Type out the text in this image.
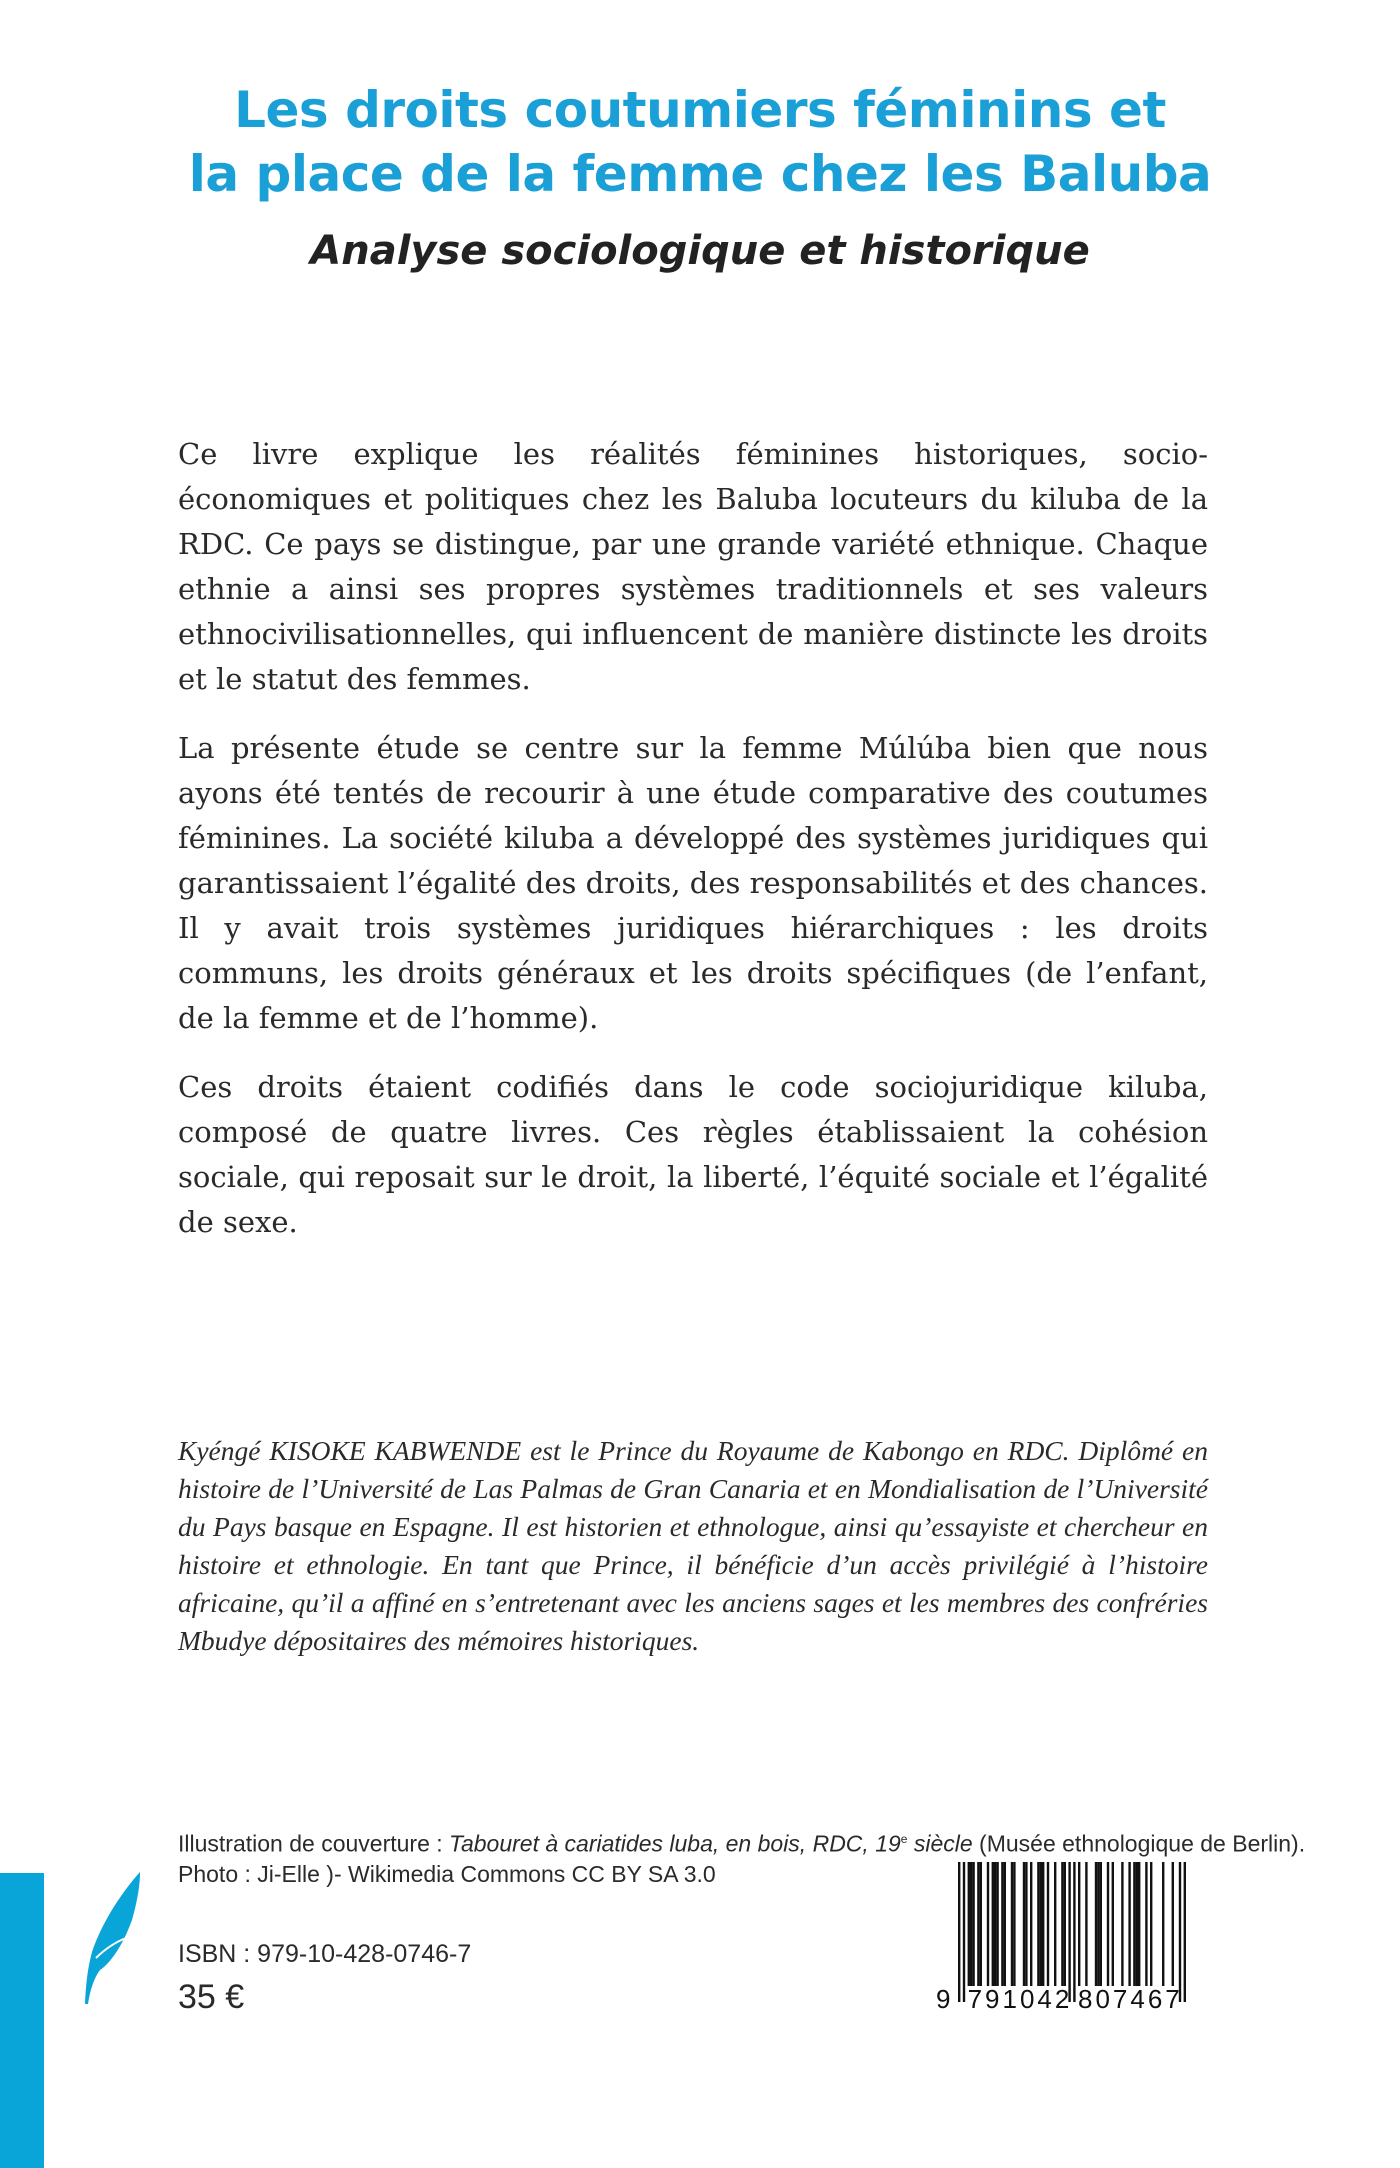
Les droits coutumiers féminins et
la place de la femme chez les Baluba
Analyse sociologique et historique

Ce livre explique les réalités féminines historiques, socio-économiques et politiques chez les Baluba locuteurs du kiluba de la RDC. Ce pays se distingue, par une grande variété ethnique. Chaque ethnie a ainsi ses propres systèmes traditionnels et ses valeurs ethnocivilisationnelles, qui influencent de manière distincte les droits et le statut des femmes.

La présente étude se centre sur la femme Múlúba bien que nous ayons été tentés de recourir à une étude comparative des coutumes féminines. La société kiluba a développé des systèmes juridiques qui garantissaient l’égalité des droits, des responsabilités et des chances. Il y avait trois systèmes juridiques hiérarchiques : les droits communs, les droits généraux et les droits spécifiques (de l’enfant, de la femme et de l’homme).

Ces droits étaient codifiés dans le code sociojuridique kiluba, composé de quatre livres. Ces règles établissaient la cohésion sociale, qui reposait sur le droit, la liberté, l’équité sociale et l’égalité de sexe.

Kyéngé KISOKE KABWENDE est le Prince du Royaume de Kabongo en RDC. Diplômé en histoire de l’Université de Las Palmas de Gran Canaria et en Mondialisation de l’Université du Pays basque en Espagne. Il est historien et ethnologue, ainsi qu’essayiste et chercheur en histoire et ethnologie. En tant que Prince, il bénéficie d’un accès privilégié à l’histoire africaine, qu’il a affiné en s’entretenant avec les anciens sages et les membres des confréries Mbudye dépositaires des mémoires historiques.
Illustration de couverture : Tabouret à cariatides luba, en bois, RDC, 19e siècle (Musée ethnologique de Berlin).
Photo : Ji-Elle )- Wikimedia Commons CC BY SA 3.0
ISBN : 979-10-428-0746-7
35 €	9 791042 807467
